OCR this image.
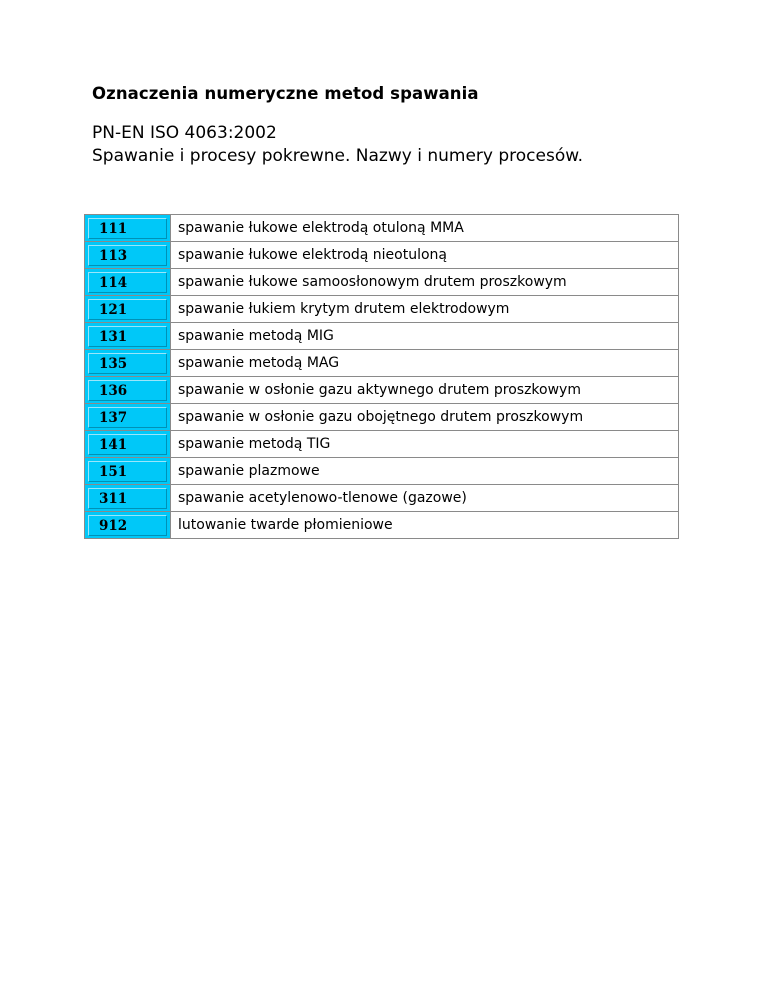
Oznaczenia numeryczne metod spawania
PN-EN ISO 4063:2002
Spawanie i procesy pokrewne. Nazwy i numery procesów.
111	spawanie łukowe elektrodą otuloną MMA

113	spawanie łukowe elektrodą nieotuloną

114	spawanie łukowe samoosłonowym drutem proszkowym

121	spawanie łukiem krytym drutem elektrodowym

131	spawanie metodą MIG

135	spawanie metodą MAG

136	spawanie w osłonie gazu aktywnego drutem proszkowym

137	spawanie w osłonie gazu obojętnego drutem proszkowym

141	spawanie metodą TIG

151	spawanie plazmowe

311	spawanie acetylenowo-tlenowe (gazowe)

912	lutowanie twarde płomieniowe
